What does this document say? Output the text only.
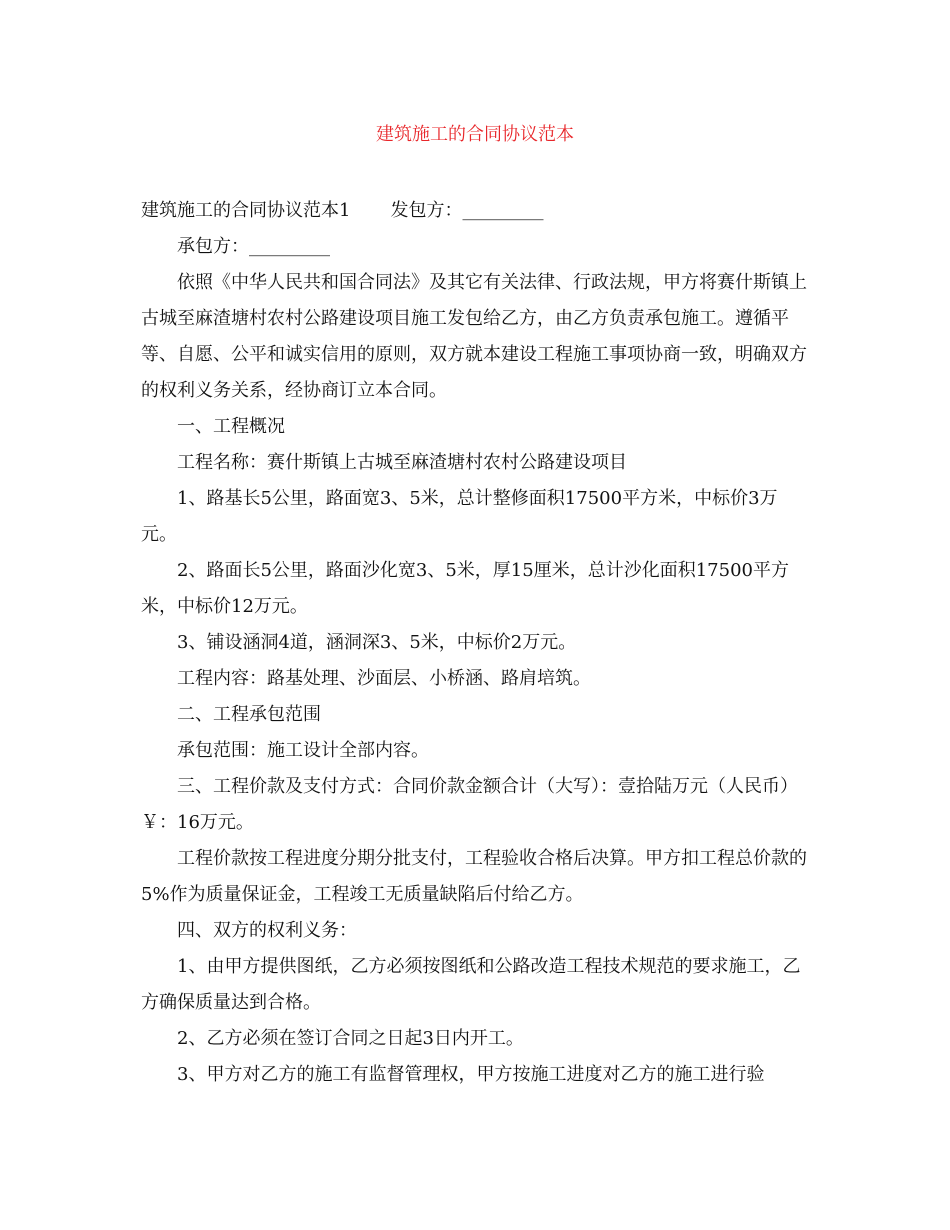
建筑施工的合同协议范本

建筑施工的合同协议范本1 发包方：_________

承包方：_________

依照《中华人民共和国合同法》及其它有关法律、行政法规，甲方将赛什斯镇上古城至麻渣塘村农村公路建设项目施工发包给乙方，由乙方负责承包施工。遵循平等、自愿、公平和诚实信用的原则，双方就本建设工程施工事项协商一致，明确双方的权利义务关系，经协商订立本合同。

一、工程概况

工程名称：赛什斯镇上古城至麻渣塘村农村公路建设项目

1、路基长5公里，路面宽3、5米，总计整修面积17500平方米，中标价3万元。

2、路面长5公里，路面沙化宽3、5米，厚15厘米，总计沙化面积17500平方米，中标价12万元。

3、铺设涵洞4道，涵洞深3、5米，中标价2万元。

工程内容：路基处理、沙面层、小桥涵、路肩培筑。

二、工程承包范围

承包范围：施工设计全部内容。

三、工程价款及支付方式：合同价款金额合计（大写）：壹拾陆万元（人民币）￥：16万元。

工程价款按工程进度分期分批支付，工程验收合格后决算。甲方扣工程总价款的5%作为质量保证金，工程竣工无质量缺陷后付给乙方。

四、双方的权利义务：

1、由甲方提供图纸，乙方必须按图纸和公路改造工程技术规范的要求施工，乙方确保质量达到合格。

2、乙方必须在签订合同之日起3日内开工。

3、甲方对乙方的施工有监督管理权，甲方按施工进度对乙方的施工进行验
